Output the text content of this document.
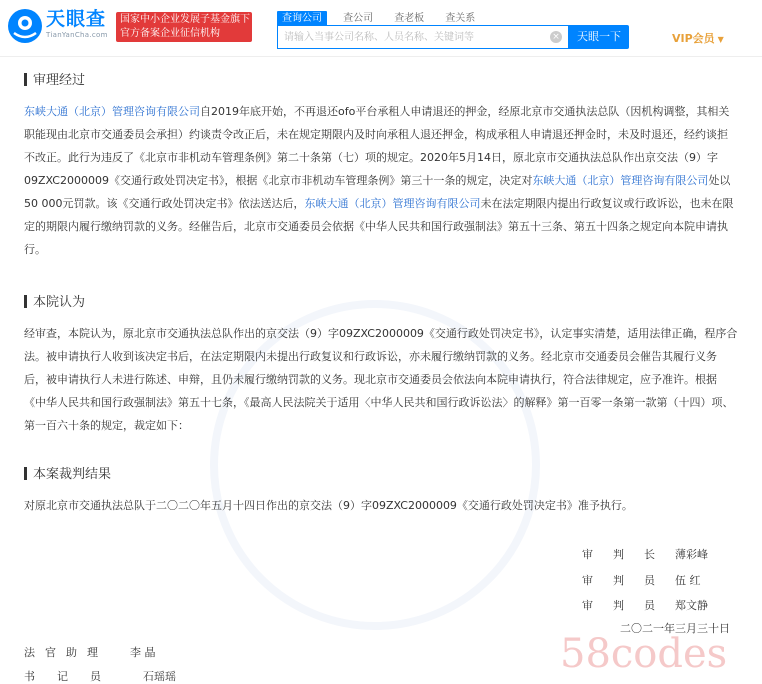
天眼查
TianYanCha.com
国家中小企业发展子基金旗下
官方备案企业征信机构
查询公司 查公司 查老板 查关系
请输入当事公司名称、人员名称、关键词等
×	天眼一下	VIP会员 ▼
审理经过

东峡大通（北京）管理咨询有限公司自2019年底开始，不再退还ofo平台承租人申请退还的押金，经原北京市交通执法总队（因机构调整，其相关职能现由北京市交通委员会承担）约谈责令改正后，未在规定期限内及时向承租人退还押金，构成承租人申请退还押金时，未及时退还，经约谈拒不改正。此行为违反了《北京市非机动车管理条例》第二十条第（七）项的规定。2020年5月14日，原北京市交通执法总队作出京交法（9）字09ZXC2000009《交通行政处罚决定书》，根据《北京市非机动车管理条例》第三十一条的规定，决定对东峡大通（北京）管理咨询有限公司处以50 000元罚款。该《交通行政处罚决定书》依法送达后，东峡大通（北京）管理咨询有限公司未在法定期限内提出行政复议或行政诉讼，也未在限定的期限内履行缴纳罚款的义务。经催告后，北京市交通委员会依据《中华人民共和国行政强制法》第五十三条、第五十四条之规定向本院申请执行。

本院认为

经审查，本院认为，原北京市交通执法总队作出的京交法（9）字09ZXC2000009《交通行政处罚决定书》，认定事实清楚，适用法律正确，程序合法。被申请执行人收到该决定书后，在法定期限内未提出行政复议和行政诉讼，亦未履行缴纳罚款的义务。经北京市交通委员会催告其履行义务后，被申请执行人未进行陈述、申辩，且仍未履行缴纳罚款的义务。现北京市交通委员会依法向本院申请执行，符合法律规定，应予准许。根据《中华人民共和国行政强制法》第五十七条，《最高人民法院关于适用〈中华人民共和国行政诉讼法〉的解释》第一百零一条第一款第（十四）项、第一百六十条的规定，裁定如下：

本案裁判结果

对原北京市交通执法总队于二〇二〇年五月十四日作出的京交法（9）字09ZXC2000009《交通行政处罚决定书》准予执行。

审判长薄彩峰
审判员伍 红
审判员郑文静
二〇二一年三月三十日
法官助理 李 晶
书记员 石瑶瑶	58codes
